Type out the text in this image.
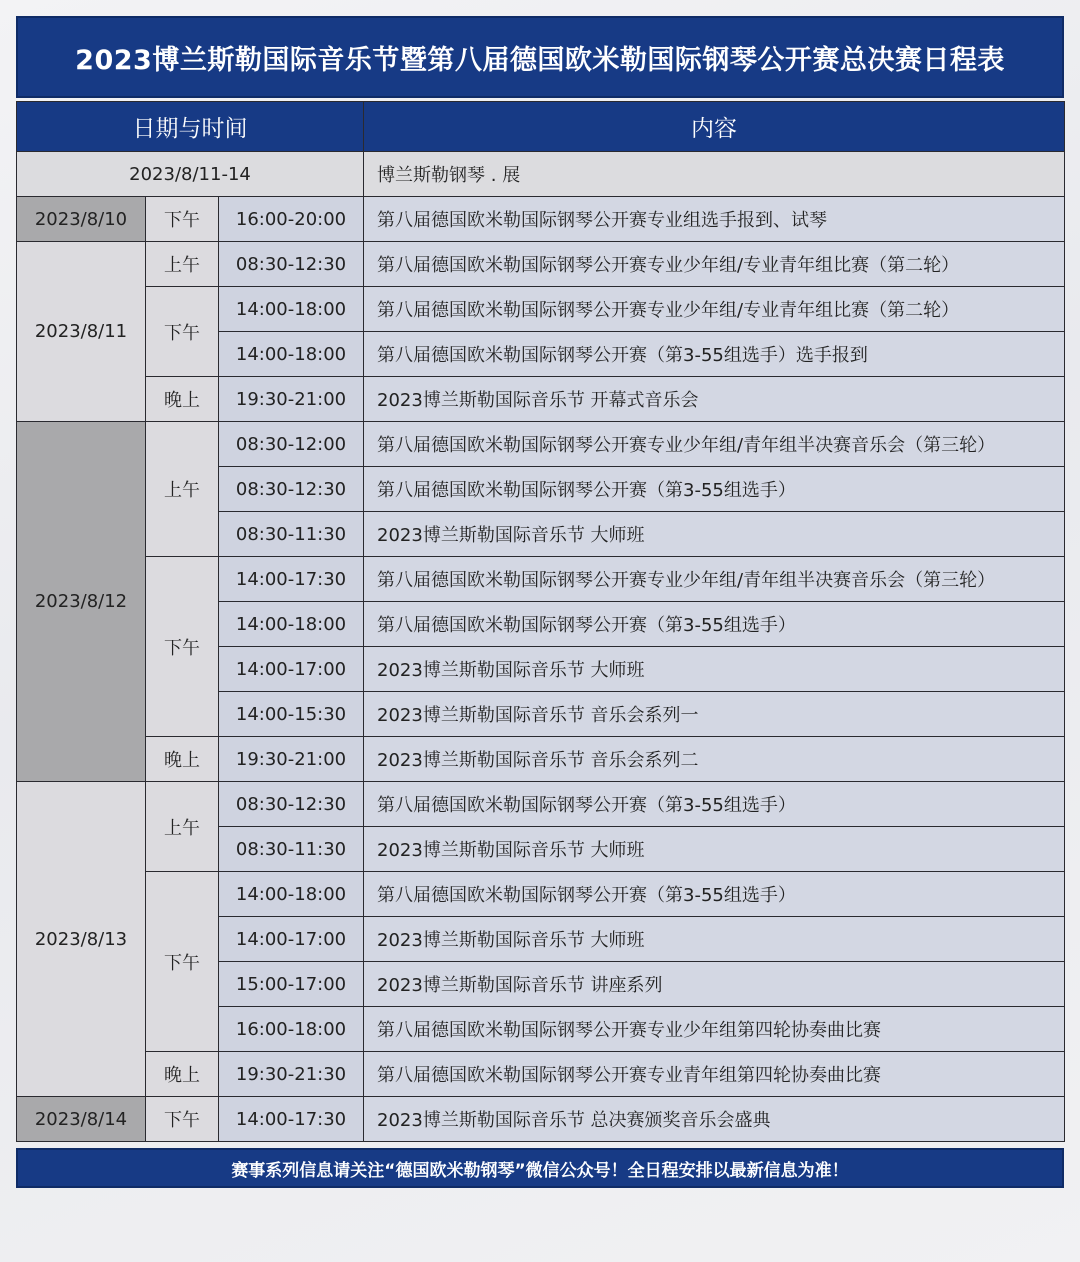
2023博兰斯勒国际音乐节暨第八届德国欧米勒国际钢琴公开赛总决赛日程表
日期与时间			内容
2023/8/11-14			博兰斯勒钢琴 . 展
2023/8/10	下午	16:00-20:00	第八届德国欧米勒国际钢琴公开赛专业组选手报到、试琴
2023/8/11	上午	08:30-12:30	第八届德国欧米勒国际钢琴公开赛专业少年组/专业青年组比赛（第二轮）
	下午	14:00-18:00	第八届德国欧米勒国际钢琴公开赛专业少年组/专业青年组比赛（第二轮）
		14:00-18:00	第八届德国欧米勒国际钢琴公开赛（第3-55组选手）选手报到
	晚上	19:30-21:00	2023博兰斯勒国际音乐节 开幕式音乐会
2023/8/12	上午	08:30-12:00	第八届德国欧米勒国际钢琴公开赛专业少年组/青年组半决赛音乐会（第三轮）
		08:30-12:30	第八届德国欧米勒国际钢琴公开赛（第3-55组选手）
		08:30-11:30	2023博兰斯勒国际音乐节 大师班
	下午	14:00-17:30	第八届德国欧米勒国际钢琴公开赛专业少年组/青年组半决赛音乐会（第三轮）
		14:00-18:00	第八届德国欧米勒国际钢琴公开赛（第3-55组选手）
		14:00-17:00	2023博兰斯勒国际音乐节 大师班
		14:00-15:30	2023博兰斯勒国际音乐节 音乐会系列一
	晚上	19:30-21:00	2023博兰斯勒国际音乐节 音乐会系列二
2023/8/13	上午	08:30-12:30	第八届德国欧米勒国际钢琴公开赛（第3-55组选手）
		08:30-11:30	2023博兰斯勒国际音乐节 大师班
	下午	14:00-18:00	第八届德国欧米勒国际钢琴公开赛（第3-55组选手）
		14:00-17:00	2023博兰斯勒国际音乐节 大师班
		15:00-17:00	2023博兰斯勒国际音乐节 讲座系列
		16:00-18:00	第八届德国欧米勒国际钢琴公开赛专业少年组第四轮协奏曲比赛
	晚上	19:30-21:30	第八届德国欧米勒国际钢琴公开赛专业青年组第四轮协奏曲比赛
2023/8/14	下午	14:00-17:30	2023博兰斯勒国际音乐节 总决赛颁奖音乐会盛典
赛事系列信息请关注“德国欧米勒钢琴”微信公众号！全日程安排以最新信息为准！
